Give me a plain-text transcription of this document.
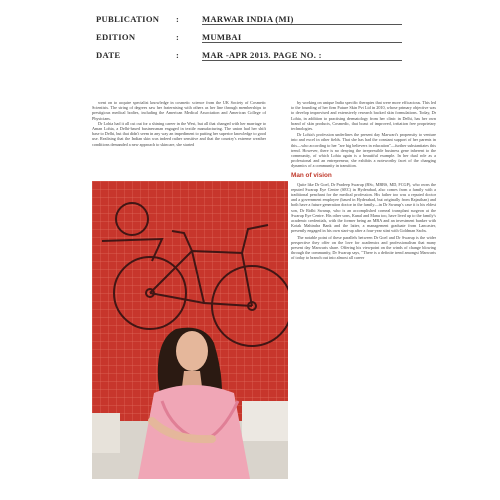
PUBLICATION :	MARWAR INDIA (MI)
EDITION	:	MUMBAI
DATE	:	MAR -APR 2013. PAGE NO. :

went on to acquire specialist knowledge in cosmetic science from the UK Society of Cosmetic Scientists. The string of degrees saw her fraternising with others as her line through memberships to prestigious medical bodies, including the American Medical Association and American College of Physicians.

Dr Lohia had it all cut out for a shining career in the West, but all that changed with her marriage to Aman Lohia, a Delhi-based businessman engaged in textile manufacturing. The union had her shift base to Delhi, but that didn't seem in any way an impediment to putting her superior knowledge to good use. Realising that the Indian skin was indeed rather sensitive and that the country's extreme weather conditions demanded a new approach to skincare, she started

by working on unique India specific therapies that were more efficacious. This led to the founding of her firm Future Skin Pvt Ltd in 2010, whose primary objective was to develop improvised and extensively research backed skin formulations. Today, Dr Lohia, in addition to practising dermatology from her clinic in Delhi, has her own brand of skin products, Cosmedic, that boast of improved, irritation free proprietary technologies.

Dr Lohia's profession underlines the present day Marwari's propensity to venture into and excel in other fields. That she has had the constant support of her parents in this—who according to her "are big believers in education"—further substantiates this trend. However, there is no denying the irrepressible business gene inherent to the community, of which Lohia again is a beautiful example. In her dual role as a professional and an entrepreneur, she exhibits a noteworthy facet of the changing dynamics of a community in transition.

Man of vision

Quite like Dr Goel, Dr Pradeep Swarup (BSc, MBBS, MD, FCGP), who owns the reputed Swarup Eye Centre (SEC) in Hyderabad, also comes from a family with a traditional penchant for the medical profession. His father too was a reputed doctor and a government employee (based in Hyderabad, but originally from Rajasthan) and both have a future generation doctor in the family—in Dr Swarup's case it is his eldest son, Dr Ridhi Swarup, who is an accomplished corneal transplant surgeon at the Swarup Eye Centre. His other sons, Kunal and Manu too, have lived up to the family's academic credentials, with the former being an MBA and an investment banker with Kotak Mahindra Bank and the latter, a management graduate from Lancaster, presently engaged in his own start-up after a four-year stint with Goldman Sachs.

The notable point of these parallels between Dr Goel and Dr Swarup is the wider perspective they offer on the love for academics and professionalism that many present day Marwaris share. Offering his viewpoint on the winds of change blowing through the community, Dr Swarup says, "There is a definite trend amongst Marwaris of today to branch out into almost all career
